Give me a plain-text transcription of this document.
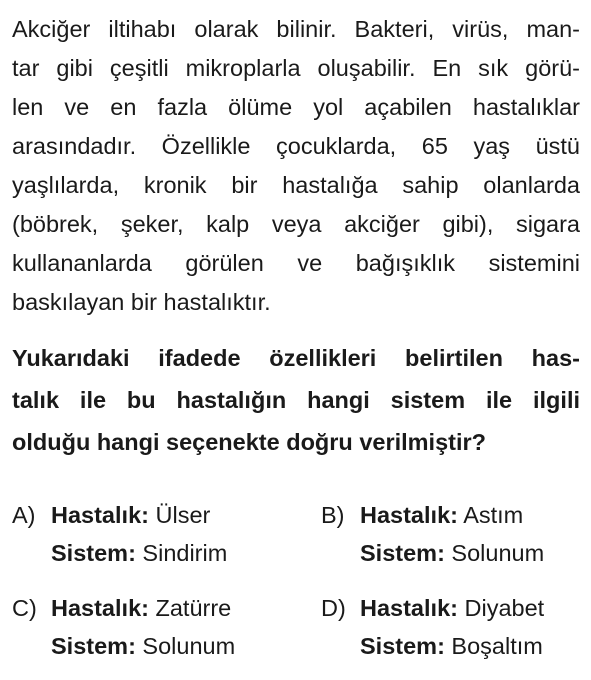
Akciğer iltihabı olarak bilinir. Bakteri, virüs, man-
tar gibi çeşitli mikroplarla oluşabilir. En sık görü-
len ve en fazla ölüme yol açabilen hastalıklar
arasındadır. Özellikle çocuklarda, 65 yaş üstü
yaşlılarda, kronik bir hastalığa sahip olanlarda
(böbrek, şeker, kalp veya akciğer gibi), sigara
kullananlarda görülen ve bağışıklık sistemini
baskılayan bir hastalıktır.
Yukarıdaki ifadede özellikleri belirtilen has-
talık ile bu hastalığın hangi sistem ile ilgili
olduğu hangi seçenekte doğru verilmiştir?
A) Hastalık: Ülser
Sistem: Sindirim
B) Hastalık: Astım
Sistem: Solunum
C) Hastalık: Zatürre
Sistem: Solunum
D) Hastalık: Diyabet
Sistem: Boşaltım
